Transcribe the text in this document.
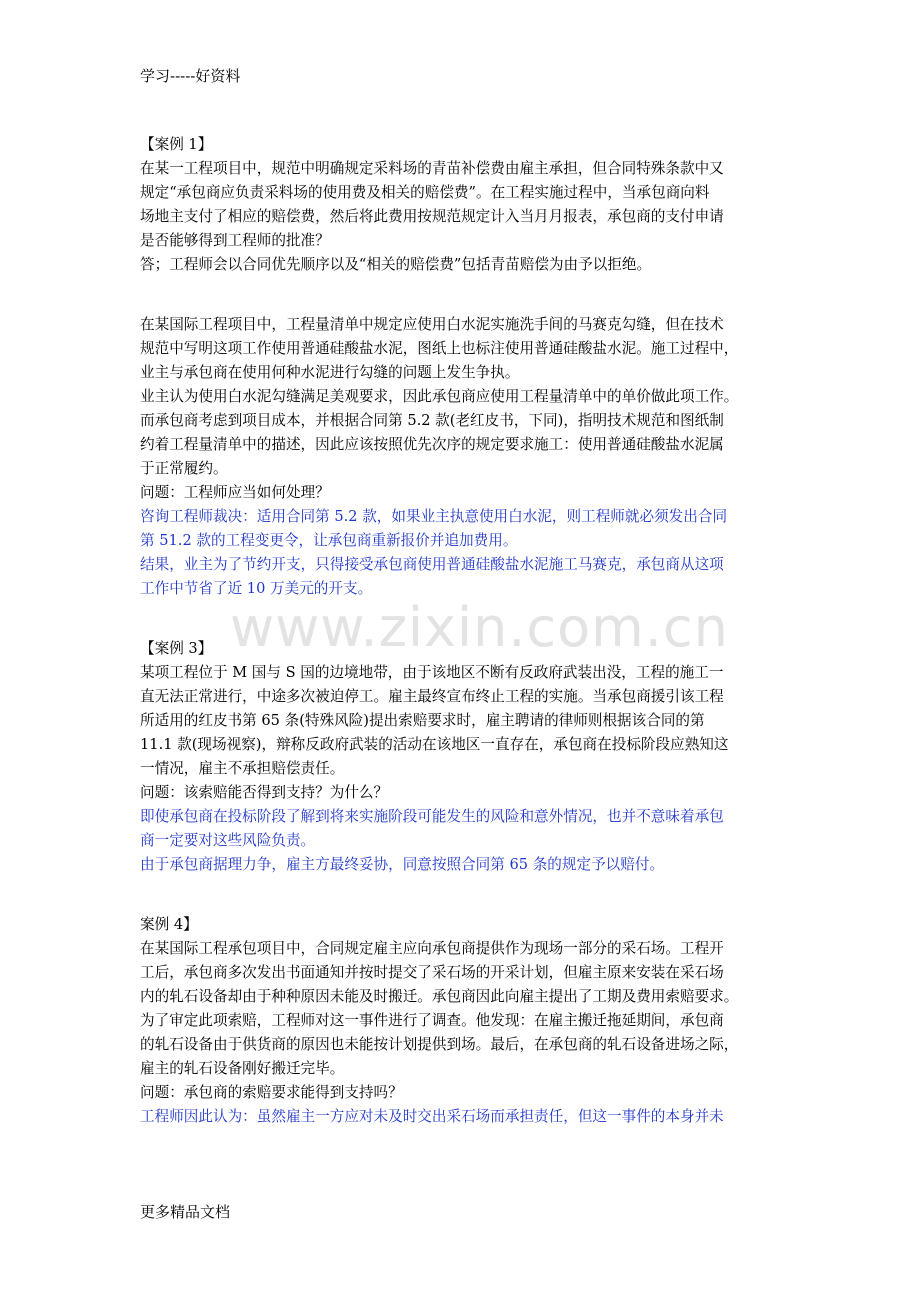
学习-----好资料
www.zixin.com.cn
【案例 1】
在某一工程项目中，规范中明确规定采料场的青苗补偿费由雇主承担，但合同特殊条款中又
规定“承包商应负责采料场的使用费及相关的赔偿费”。在工程实施过程中，当承包商向料
场地主支付了相应的赔偿费，然后将此费用按规范规定计入当月月报表，承包商的支付申请
是否能够得到工程师的批准？
答；工程师会以合同优先顺序以及“相关的赔偿费”包括青苗赔偿为由予以拒绝。
在某国际工程项目中，工程量清单中规定应使用白水泥实施洗手间的马赛克勾缝，但在技术
规范中写明这项工作使用普通硅酸盐水泥，图纸上也标注使用普通硅酸盐水泥。施工过程中，
业主与承包商在使用何种水泥进行勾缝的问题上发生争执。
业主认为使用白水泥勾缝满足美观要求，因此承包商应使用工程量清单中的单价做此项工作。
而承包商考虑到项目成本，并根据合同第 5.2 款(老红皮书，下同)，指明技术规范和图纸制
约着工程量清单中的描述，因此应该按照优先次序的规定要求施工：使用普通硅酸盐水泥属
于正常履约。
问题：工程师应当如何处理？
咨询工程师裁决：适用合同第 5.2 款，如果业主执意使用白水泥，则工程师就必须发出合同
第 51.2 款的工程变更令，让承包商重新报价并追加费用。
结果，业主为了节约开支，只得接受承包商使用普通硅酸盐水泥施工马赛克，承包商从这项
工作中节省了近 10 万美元的开支。
【案例 3】
某项工程位于 M 国与 S 国的边境地带，由于该地区不断有反政府武装出没，工程的施工一
直无法正常进行，中途多次被迫停工。雇主最终宣布终止工程的实施。当承包商援引该工程
所适用的红皮书第 65 条(特殊风险)提出索赔要求时，雇主聘请的律师则根据该合同的第
11.1 款(现场视察)，辩称反政府武装的活动在该地区一直存在，承包商在投标阶段应熟知这
一情况，雇主不承担赔偿责任。
问题：该索赔能否得到支持？为什么？
即使承包商在投标阶段了解到将来实施阶段可能发生的风险和意外情况，也并不意味着承包
商一定要对这些风险负责。
由于承包商据理力争，雇主方最终妥协，同意按照合同第 65 条的规定予以赔付。
案例 4】
在某国际工程承包项目中，合同规定雇主应向承包商提供作为现场一部分的采石场。工程开
工后，承包商多次发出书面通知并按时提交了采石场的开采计划，但雇主原来安装在采石场
内的轧石设备却由于种种原因未能及时搬迁。承包商因此向雇主提出了工期及费用索赔要求。
为了审定此项索赔，工程师对这一事件进行了调查。他发现：在雇主搬迁拖延期间，承包商
的轧石设备由于供货商的原因也未能按计划提供到场。最后，在承包商的轧石设备进场之际，
雇主的轧石设备刚好搬迁完毕。
问题：承包商的索赔要求能得到支持吗？
工程师因此认为：虽然雇主一方应对未及时交出采石场而承担责任，但这一事件的本身并未
更多精品文档
